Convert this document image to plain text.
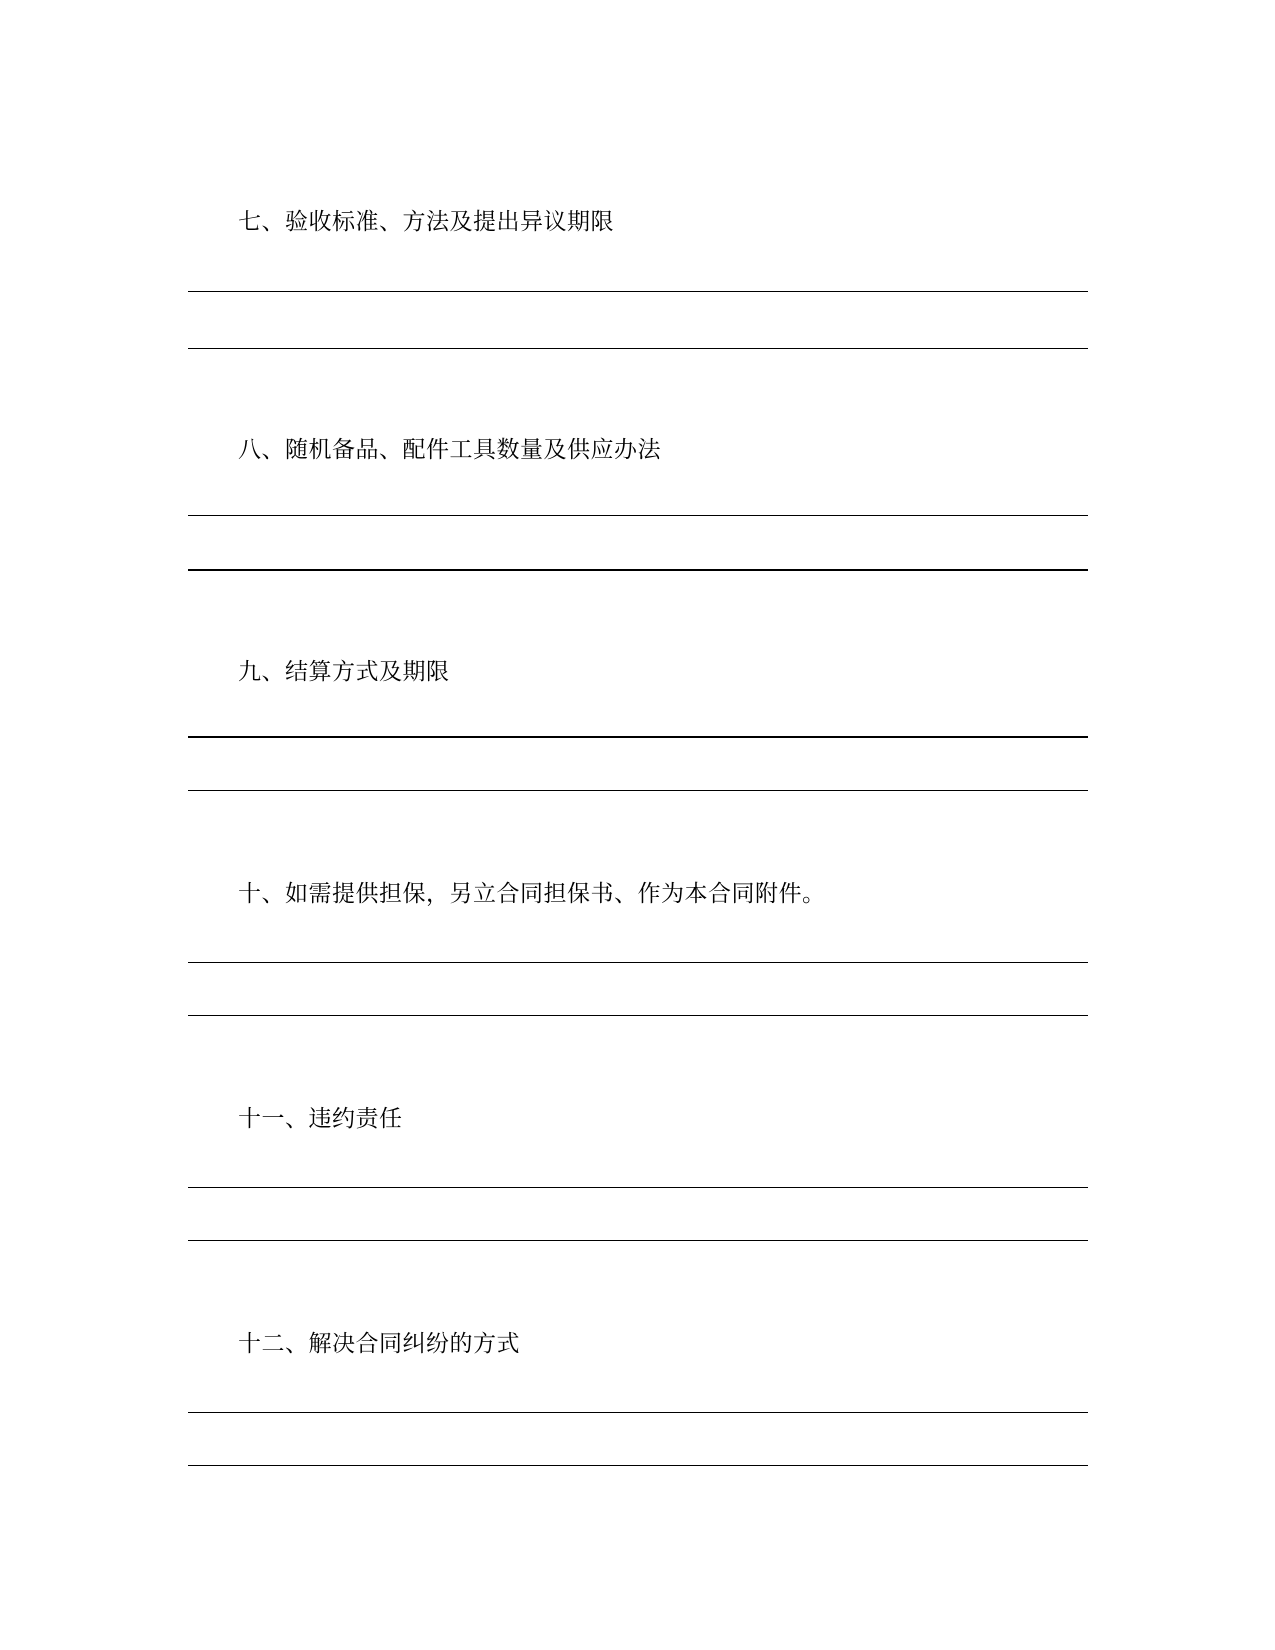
七、验收标准、方法及提出异议期限
八、随机备品、配件工具数量及供应办法
九、结算方式及期限
十、如需提供担保，另立合同担保书、作为本合同附件。
十一、违约责任
十二、解决合同纠纷的方式
